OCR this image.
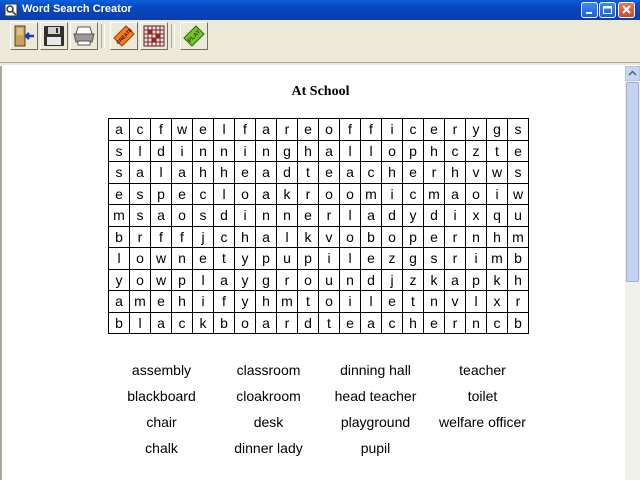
Word Search Creator
CREATE	PLAY
At School
a	c	f	w	e	l	f	a	r	e	o	f	f	i	c	e	r	y	g	s
s	l	d	i	n	n	i	n	g	h	a	l	l	o	p	h	c	z	t	e
s	a	l	a	h	h	e	a	d	t	e	a	c	h	e	r	h	v	w	s
e	s	p	e	c	l	o	a	k	r	o	o	m	i	c	m	a	o	i	w
m	s	a	o	s	d	i	n	n	e	r	l	a	d	y	d	i	x	q	u
b	r	f	f	j	c	h	a	l	k	v	o	b	o	p	e	r	n	h	m
l	o	w	n	e	t	y	p	u	p	i	l	e	z	g	s	r	i	m	b
y	o	w	p	l	a	y	g	r	o	u	n	d	j	z	k	a	p	k	h
a	m	e	h	i	f	y	h	m	t	o	i	l	e	t	n	v	l	x	r
b	l	a	c	k	b	o	a	r	d	t	e	a	c	h	e	r	n	c	b
assembly	classroom	dinning hall	teacher
blackboard	cloakroom	head teacher	toilet
chair	desk	playground	welfare officer
chalk	dinner lady	pupil
